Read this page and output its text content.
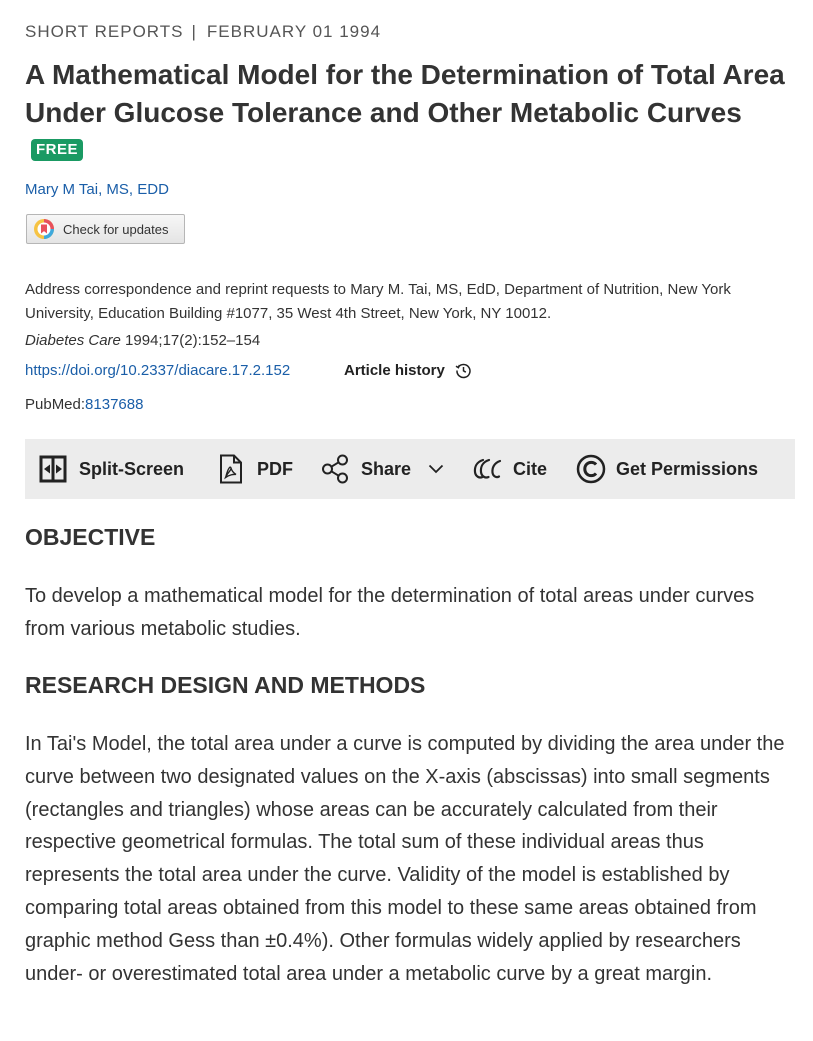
SHORT REPORTS | FEBRUARY 01 1994
A Mathematical Model for the Determination of Total Area Under Glucose Tolerance and Other Metabolic CurvesFREE
Mary M Tai, MS, EDD
Check for updates

Address correspondence and reprint requests to Mary M. Tai, MS, EdD, Department of Nutrition, New York University, Education Building #1077, 35 West 4th Street, New York, NY 10012.

Diabetes Care 1994;17(2):152–154
https://doi.org/10.2337/diacare.17.2.152	Article history
PubMed:8137688
Split-Screen	PDF	Share	Cite	Get Permissions
OBJECTIVE

To develop a mathematical model for the determination of total areas under curves from various metabolic studies.

RESEARCH DESIGN AND METHODS

In Tai's Model, the total area under a curve is computed by dividing the area under the curve between two designated values on the X-axis (abscissas) into small segments (rectangles and triangles) whose areas can be accurately calculated from their respective geometrical formulas. The total sum of these individual areas thus represents the total area under the curve. Validity of the model is established by comparing total areas obtained from this model to these same areas obtained from graphic method Gess than ±0.4%). Other formulas widely applied by researchers under- or overestimated total area under a metabolic curve by a great margin.
